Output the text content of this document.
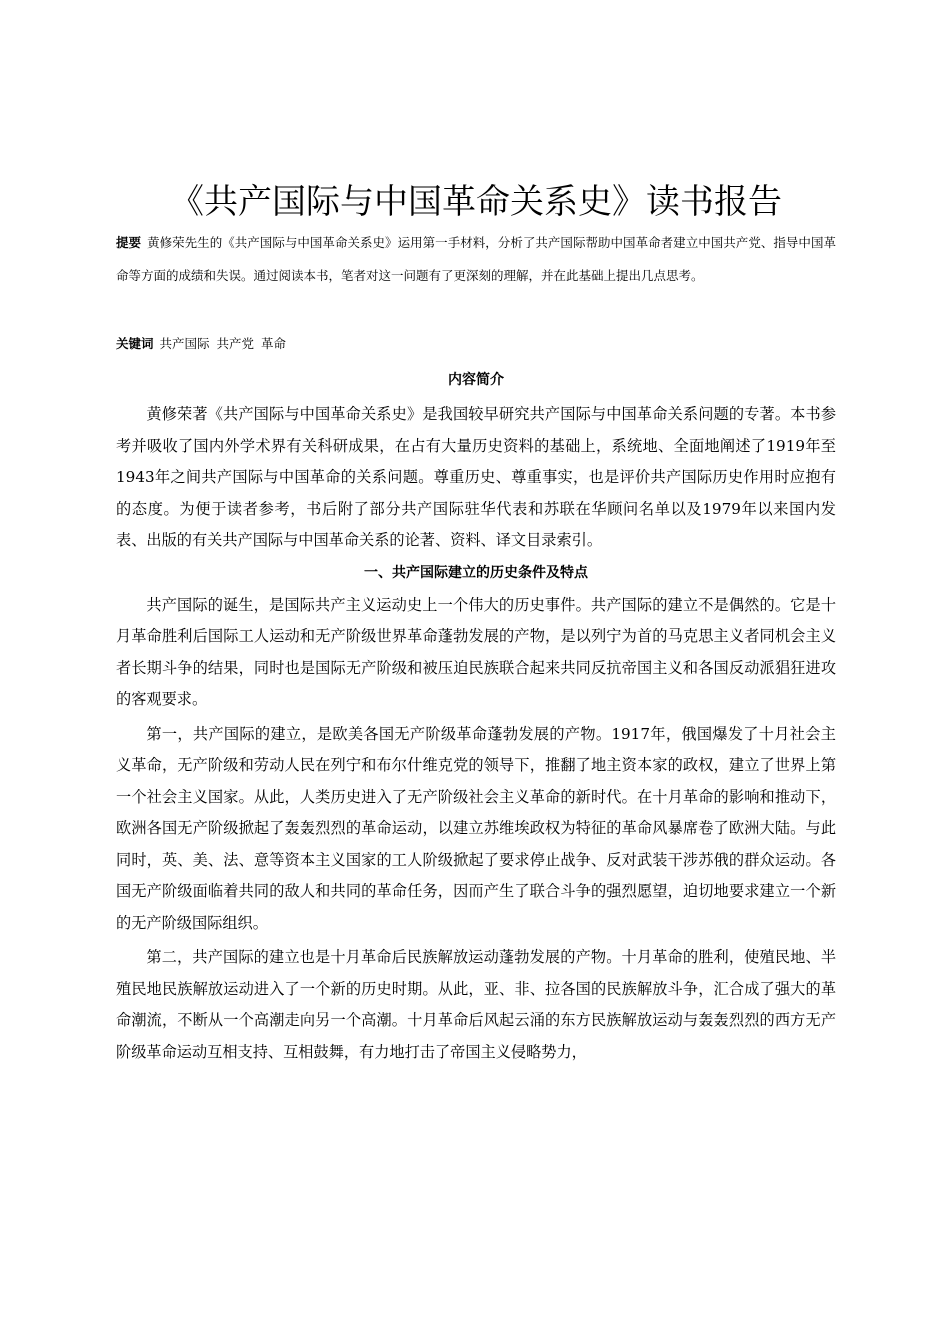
《共产国际与中国革命关系史》读书报告
提要 黄修荣先生的《共产国际与中国革命关系史》运用第一手材料，分析了共产国际帮助中国革命者建立中国共产党、指导中国革命等方面的成绩和失误。通过阅读本书，笔者对这一问题有了更深刻的理解，并在此基础上提出几点思考。
关键词 共产国际 共产党 革命
内容简介

黄修荣著《共产国际与中国革命关系史》是我国较早研究共产国际与中国革命关系问题的专著。本书参考并吸收了国内外学术界有关科研成果，在占有大量历史资料的基础上，系统地、全面地阐述了1919年至1943年之间共产国际与中国革命的关系问题。尊重历史、尊重事实，也是评价共产国际历史作用时应抱有的态度。为便于读者参考，书后附了部分共产国际驻华代表和苏联在华顾问名单以及1979年以来国内发表、出版的有关共产国际与中国革命关系的论著、资料、译文目录索引。

一、共产国际建立的历史条件及特点

共产国际的诞生，是国际共产主义运动史上一个伟大的历史事件。共产国际的建立不是偶然的。它是十月革命胜利后国际工人运动和无产阶级世界革命蓬勃发展的产物，是以列宁为首的马克思主义者同机会主义者长期斗争的结果，同时也是国际无产阶级和被压迫民族联合起来共同反抗帝国主义和各国反动派猖狂进攻的客观要求。

第一，共产国际的建立，是欧美各国无产阶级革命蓬勃发展的产物。1917年，俄国爆发了十月社会主义革命，无产阶级和劳动人民在列宁和布尔什维克党的领导下，推翻了地主资本家的政权，建立了世界上第一个社会主义国家。从此，人类历史进入了无产阶级社会主义革命的新时代。在十月革命的影响和推动下，欧洲各国无产阶级掀起了轰轰烈烈的革命运动，以建立苏维埃政权为特征的革命风暴席卷了欧洲大陆。与此同时，英、美、法、意等资本主义国家的工人阶级掀起了要求停止战争、反对武装干涉苏俄的群众运动。各国无产阶级面临着共同的敌人和共同的革命任务，因而产生了联合斗争的强烈愿望，迫切地要求建立一个新的无产阶级国际组织。

第二，共产国际的建立也是十月革命后民族解放运动蓬勃发展的产物。十月革命的胜利，使殖民地、半殖民地民族解放运动进入了一个新的历史时期。从此，亚、非、拉各国的民族解放斗争，汇合成了强大的革命潮流，不断从一个高潮走向另一个高潮。十月革命后风起云涌的东方民族解放运动与轰轰烈烈的西方无产阶级革命运动互相支持、互相鼓舞，有力地打击了帝国主义侵略势力，
